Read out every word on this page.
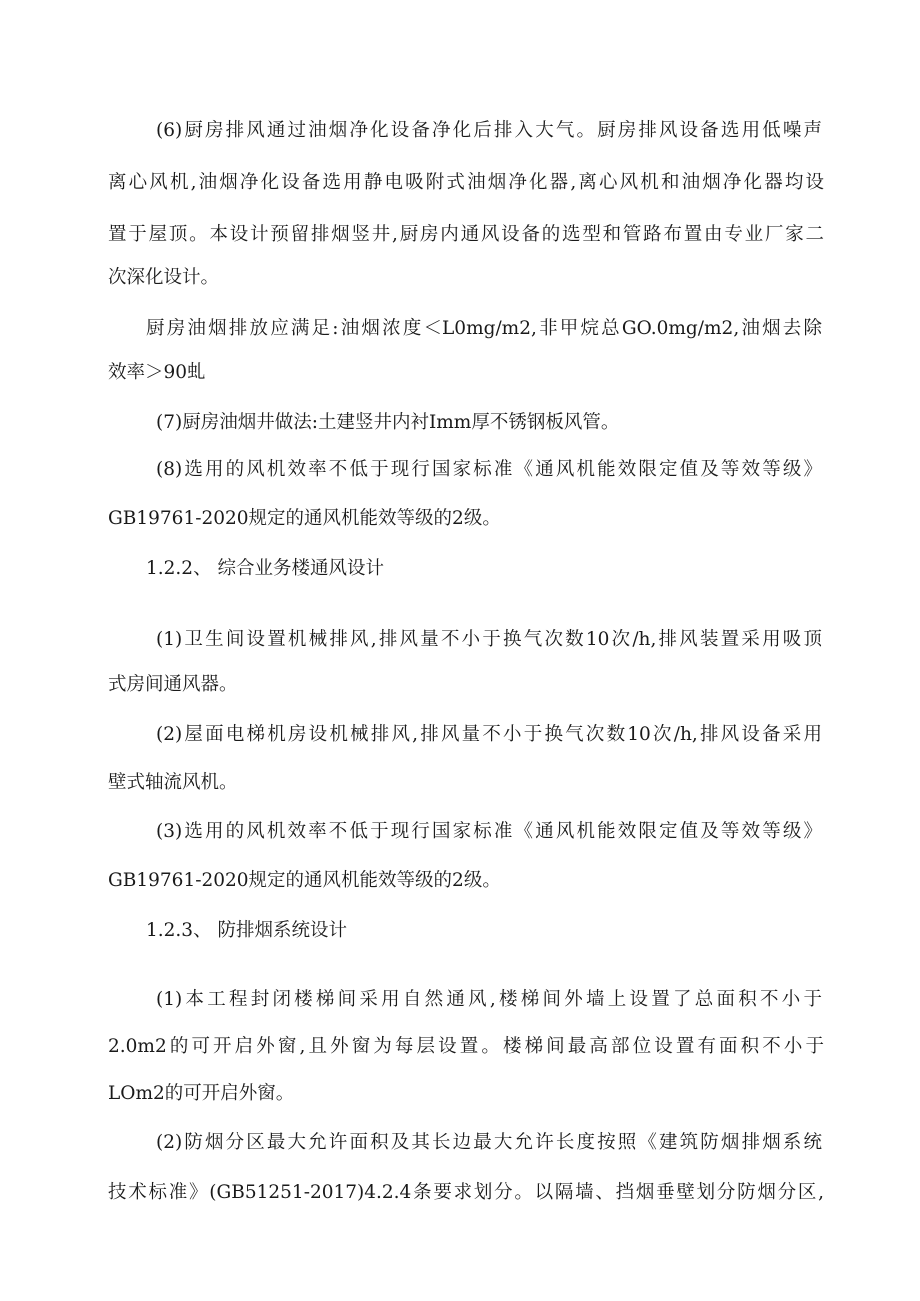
(6)厨房排风通过油烟净化设备净化后排入大气。厨房排风设备选用低噪声
离心风机,油烟净化设备选用静电吸附式油烟净化器,离心风机和油烟净化器均设
置于屋顶。本设计预留排烟竖井,厨房内通风设备的选型和管路布置由专业厂家二
次深化设计。
厨房油烟排放应满足:油烟浓度＜L0mg∕m2,非甲烷总GO.0mg∕m2,油烟去除
效率＞90虬
(7)厨房油烟井做法:土建竖井内衬Imm厚不锈钢板风管。
(8)选用的风机效率不低于现行国家标准《通风机能效限定值及等效等级》
GB19761-2020规定的通风机能效等级的2级。
1.2.2、 综合业务楼通风设计
(1)卫生间设置机械排风,排风量不小于换气次数10次∕h,排风装置采用吸顶
式房间通风器。
(2)屋面电梯机房设机械排风,排风量不小于换气次数10次∕h,排风设备采用
壁式轴流风机。
(3)选用的风机效率不低于现行国家标准《通风机能效限定值及等效等级》
GB19761-2020规定的通风机能效等级的2级。
1.2.3、 防排烟系统设计
(1)本工程封闭楼梯间采用自然通风,楼梯间外墙上设置了总面积不小于
2.0m2的可开启外窗,且外窗为每层设置。楼梯间最高部位设置有面积不小于
LOm2的可开启外窗。
(2)防烟分区最大允许面积及其长边最大允许长度按照《建筑防烟排烟系统
技术标准》(GB51251-2017)4.2.4条要求划分。以隔墙、挡烟垂壁划分防烟分区,
